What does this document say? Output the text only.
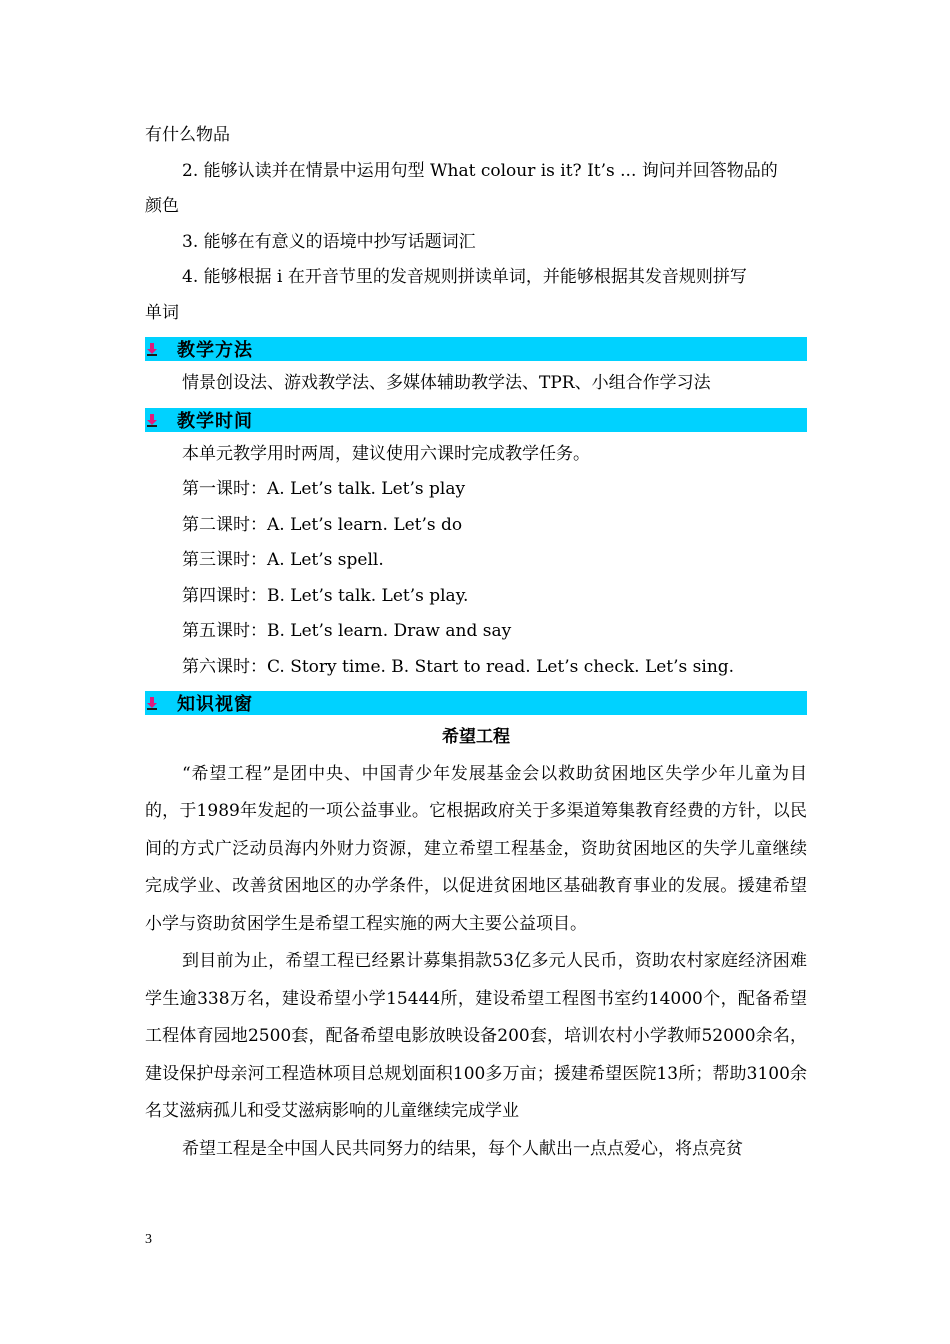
有什么物品
2. 能够认读并在情景中运用句型 What colour is it? It’s ... 询问并回答物品的
颜色
3. 能够在有意义的语境中抄写话题词汇
4. 能够根据 i 在开音节里的发音规则拼读单词，并能够根据其发音规则拼写
单词
教学方法
情景创设法、游戏教学法、多媒体辅助教学法、TPR、小组合作学习法
教学时间
本单元教学用时两周，建议使用六课时完成教学任务。
第一课时：A. Let’s talk. Let’s play
第二课时：A. Let’s learn. Let’s do
第三课时：A. Let’s spell.
第四课时：B. Let’s talk. Let’s play.
第五课时：B. Let’s learn. Draw and say
第六课时：C. Story time. B. Start to read. Let’s check. Let’s sing.
知识视窗
希望工程
“希望工程”是团中央、中国青少年发展基金会以救助贫困地区失学少年儿童为目的，于1989年发起的一项公益事业。它根据政府关于多渠道筹集教育经费的方针，以民间的方式广泛动员海内外财力资源，建立希望工程基金，资助贫困地区的失学儿童继续完成学业、改善贫困地区的办学条件，以促进贫困地区基础教育事业的发展。援建希望小学与资助贫困学生是希望工程实施的两大主要公益项目。
到目前为止，希望工程已经累计募集捐款53亿多元人民币，资助农村家庭经济困难学生逾338万名，建设希望小学15444所，建设希望工程图书室约14000个，配备希望工程体育园地2500套，配备希望电影放映设备200套，培训农村小学教师52000余名，建设保护母亲河工程造林项目总规划面积100多万亩；援建希望医院13所；帮助3100余名艾滋病孤儿和受艾滋病影响的儿童继续完成学业
希望工程是全中国人民共同努力的结果，每个人献出一点点爱心，将点亮贫
3
